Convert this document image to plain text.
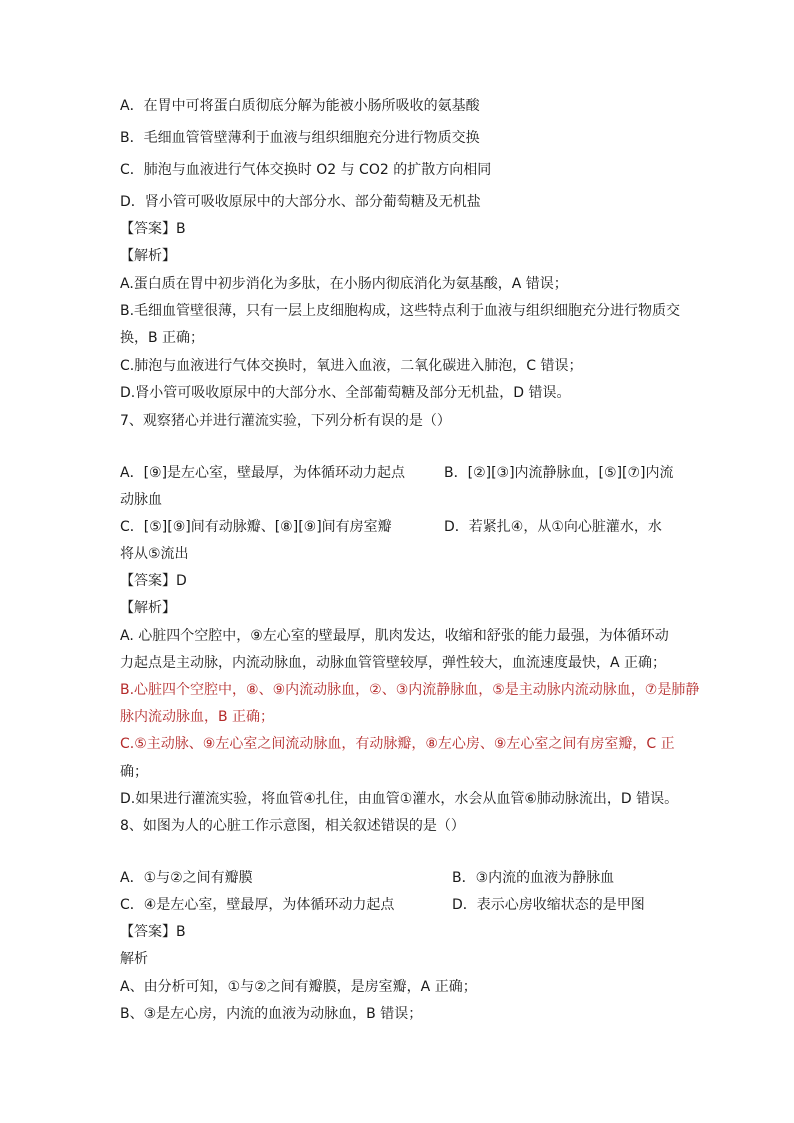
A．在胃中可将蛋白质彻底分解为能被小肠所吸收的氨基酸
B．毛细血管管壁薄利于血液与组织细胞充分进行物质交换
C．肺泡与血液进行气体交换时 O2 与 CO2 的扩散方向相同
D．肾小管可吸收原尿中的大部分水、部分葡萄糖及无机盐
【答案】B
【解析】
A.蛋白质在胃中初步消化为多肽，在小肠内彻底消化为氨基酸，A 错误；
B.毛细血管壁很薄，只有一层上皮细胞构成，这些特点利于血液与组织细胞充分进行物质交
换，B 正确；
C.肺泡与血液进行气体交换时，氧进入血液，二氧化碳进入肺泡，C 错误；
D.肾小管可吸收原尿中的大部分水、全部葡萄糖及部分无机盐，D 错误。
7、观察猪心并进行灌流实验，下列分析有误的是（）
A．[⑨]是左心室，壁最厚，为体循环动力起点	B．[②][③]内流静脉血，[⑤][⑦]内流
动脉血
C．[⑤][⑨]间有动脉瓣、[⑧][⑨]间有房室瓣	D．若紧扎④，从①向心脏灌水，水
将从⑤流出
【答案】D
【解析】
A. 心脏四个空腔中，⑨左心室的壁最厚，肌肉发达，收缩和舒张的能力最强，为体循环动
力起点是主动脉，内流动脉血，动脉血管管壁较厚，弹性较大，血流速度最快，A 正确；
B.心脏四个空腔中，⑧、⑨内流动脉血，②、③内流静脉血，⑤是主动脉内流动脉血，⑦是肺静
脉内流动脉血，B 正确；
C.⑤主动脉、⑨左心室之间流动脉血，有动脉瓣，⑧左心房、⑨左心室之间有房室瓣，C 正
确；
D.如果进行灌流实验，将血管④扎住，由血管①灌水，水会从血管⑥肺动脉流出，D 错误。
8、如图为人的心脏工作示意图，相关叙述错误的是（）
A．①与②之间有瓣膜	B．③内流的血液为静脉血
C．④是左心室，壁最厚，为体循环动力起点	D．表示心房收缩状态的是甲图
【答案】B
解析
A、由分析可知，①与②之间有瓣膜，是房室瓣，A 正确；
B、③是左心房，内流的血液为动脉血，B 错误；
